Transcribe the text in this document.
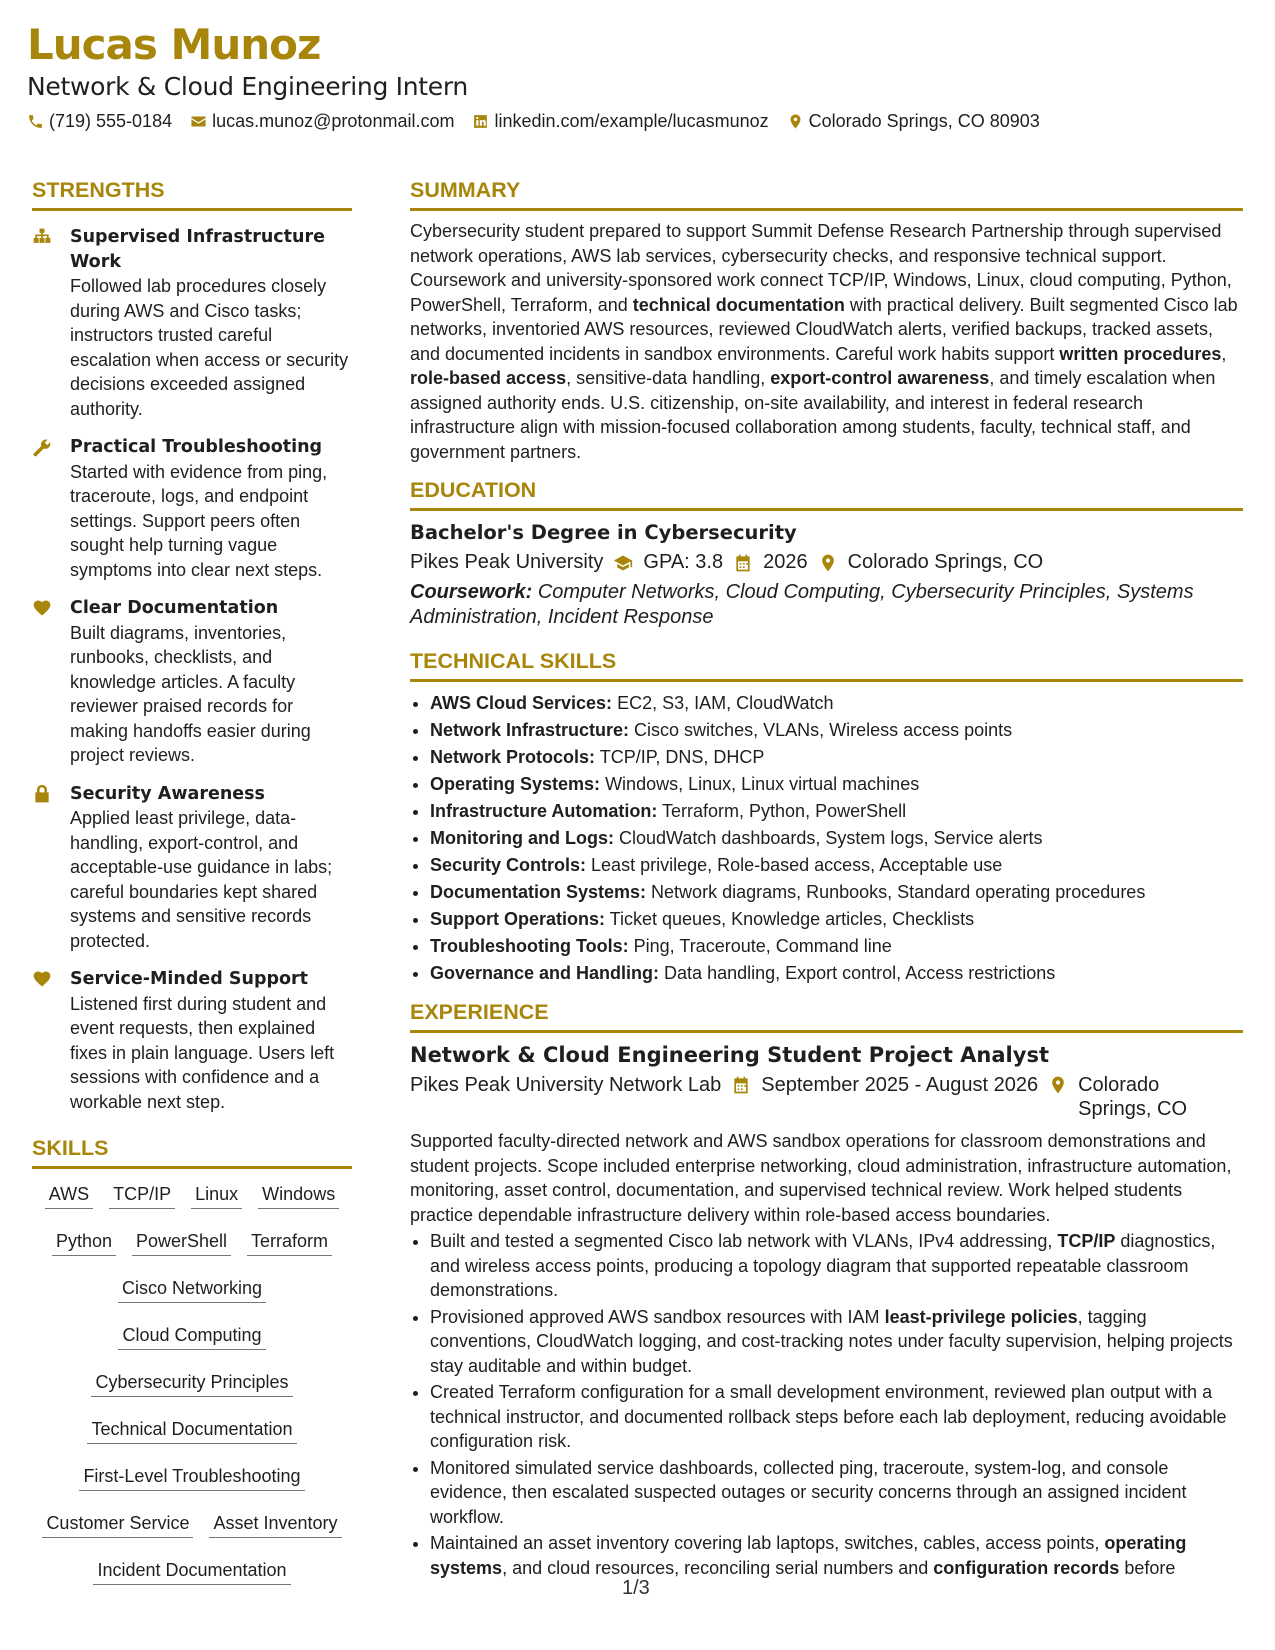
Lucas Munoz
Network & Cloud Engineering Intern
(719) 555-0184 lucas.munoz@protonmail.com linkedin.com/example/lucasmunoz Colorado Springs, CO 80903
STRENGTHS
Supervised Infrastructure Work
Followed lab procedures closely during AWS and Cisco tasks; instructors trusted careful escalation when access or security decisions exceeded assigned authority.
Practical Troubleshooting
Started with evidence from ping, traceroute, logs, and endpoint settings. Support peers often sought help turning vague symptoms into clear next steps.
Clear Documentation
Built diagrams, inventories, runbooks, checklists, and knowledge articles. A faculty reviewer praised records for making handoffs easier during project reviews.
Security Awareness
Applied least privilege, data-handling, export-control, and acceptable-use guidance in labs; careful boundaries kept shared systems and sensitive records protected.
Service-Minded Support
Listened first during student and event requests, then explained fixes in plain language. Users left sessions with confidence and a workable next step.
SKILLS
AWS TCP/IP Linux Windows
Python PowerShell Terraform
Cisco Networking
Cloud Computing
Cybersecurity Principles
Technical Documentation
First-Level Troubleshooting
Customer Service Asset Inventory
Incident Documentation
SUMMARY
Cybersecurity student prepared to support Summit Defense Research Partnership through supervised network operations, AWS lab services, cybersecurity checks, and responsive technical support. Coursework and university-sponsored work connect TCP/IP, Windows, Linux, cloud computing, Python, PowerShell, Terraform, and technical documentation with practical delivery. Built segmented Cisco lab networks, inventoried AWS resources, reviewed CloudWatch alerts, verified backups, tracked assets, and documented incidents in sandbox environments. Careful work habits support written procedures, role-based access, sensitive-data handling, export-control awareness, and timely escalation when assigned authority ends. U.S. citizenship, on-site availability, and interest in federal research infrastructure align with mission-focused collaboration among students, faculty, technical staff, and government partners.
EDUCATION
Bachelor's Degree in Cybersecurity
Pikes Peak University GPA: 3.8 2026 Colorado Springs, CO
Coursework: Computer Networks, Cloud Computing, Cybersecurity Principles, Systems Administration, Incident Response
TECHNICAL SKILLS
• AWS Cloud Services: EC2, S3, IAM, CloudWatch
• Network Infrastructure: Cisco switches, VLANs, Wireless access points
• Network Protocols: TCP/IP, DNS, DHCP
• Operating Systems: Windows, Linux, Linux virtual machines
• Infrastructure Automation: Terraform, Python, PowerShell
• Monitoring and Logs: CloudWatch dashboards, System logs, Service alerts
• Security Controls: Least privilege, Role-based access, Acceptable use
• Documentation Systems: Network diagrams, Runbooks, Standard operating procedures
• Support Operations: Ticket queues, Knowledge articles, Checklists
• Troubleshooting Tools: Ping, Traceroute, Command line
• Governance and Handling: Data handling, Export control, Access restrictions
EXPERIENCE
Network & Cloud Engineering Student Project Analyst
Pikes Peak University Network Lab September 2025 - August 2026 Colorado Springs, CO
Supported faculty-directed network and AWS sandbox operations for classroom demonstrations and student projects. Scope included enterprise networking, cloud administration, infrastructure automation, monitoring, asset control, documentation, and supervised technical review. Work helped students practice dependable infrastructure delivery within role-based access boundaries.
• Built and tested a segmented Cisco lab network with VLANs, IPv4 addressing, TCP/IP diagnostics, and wireless access points, producing a topology diagram that supported repeatable classroom demonstrations.
• Provisioned approved AWS sandbox resources with IAM least-privilege policies, tagging conventions, CloudWatch logging, and cost-tracking notes under faculty supervision, helping projects stay auditable and within budget.
• Created Terraform configuration for a small development environment, reviewed plan output with a technical instructor, and documented rollback steps before each lab deployment, reducing avoidable configuration risk.
• Monitored simulated service dashboards, collected ping, traceroute, system-log, and console evidence, then escalated suspected outages or security concerns through an assigned incident workflow.
• Maintained an asset inventory covering lab laptops, switches, cables, access points, operating systems, and cloud resources, reconciling serial numbers and configuration records before
1/3
